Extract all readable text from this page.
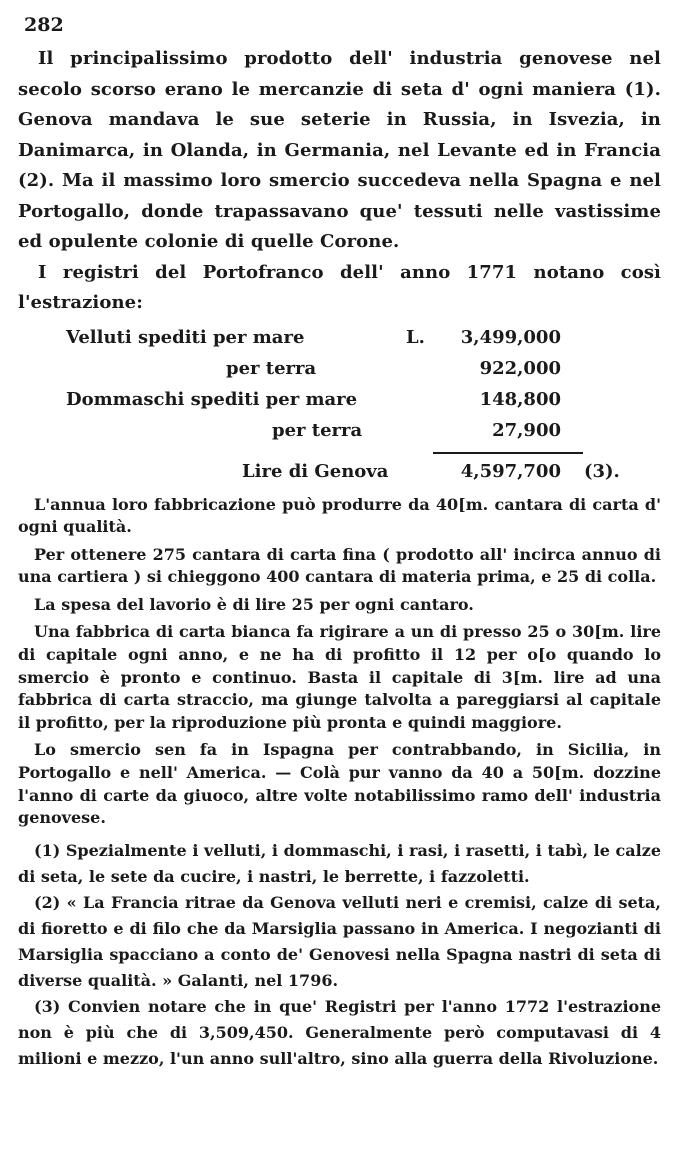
282

Il principalissimo prodotto dell' industria genovese nel secolo scorso erano le mercanzie di seta d' ogni maniera (1). Genova mandava le sue seterie in Russia, in Isvezia, in Danimarca, in Olanda, in Germania, nel Levante ed in Francia (2). Ma il massimo loro smercio succedeva nella Spagna e nel Portogallo, donde trapassavano que' tessuti nelle vastissime ed opulente colonie di quelle Corone.

I registri del Portofranco dell' anno 1771 notano così l'estrazione:

Velluti spediti per mare	L. 3,499,000
per terra	922,000
Dommaschi spediti per mare	148,800
per terra	27,900
Lire di Genova	4,597,700 (3).

L'annua loro fabbricazione può produrre da 40[m. cantara di carta d' ogni qualità.

Per ottenere 275 cantara di carta fina ( prodotto all' incirca annuo di una cartiera ) si chieggono 400 cantara di materia prima, e 25 di colla.

La spesa del lavorio è di lire 25 per ogni cantaro.

Una fabbrica di carta bianca fa rigirare a un di presso 25 o 30[m. lire di capitale ogni anno, e ne ha di profitto il 12 per o[o quando lo smercio è pronto e continuo. Basta il capitale di 3[m. lire ad una fabbrica di carta straccio, ma giunge talvolta a pareggiarsi al capitale il profitto, per la riproduzione più pronta e quindi maggiore.

Lo smercio sen fa in Ispagna per contrabbando, in Sicilia, in Portogallo e nell' America. — Colà pur vanno da 40 a 50[m. dozzine l'anno di carte da giuoco, altre volte notabilissimo ramo dell' industria genovese.

(1) Spezialmente i velluti, i dommaschi, i rasi, i rasetti, i tabì, le calze di seta, le sete da cucire, i nastri, le berrette, i fazzoletti.

(2) « La Francia ritrae da Genova velluti neri e cremisi, calze di seta, di fioretto e di filo che da Marsiglia passano in America. I negozianti di Marsiglia spacciano a conto de' Genovesi nella Spagna nastri di seta di diverse qualità. » Galanti, nel 1796.

(3) Convien notare che in que' Registri per l'anno 1772 l'estrazione non è più che di 3,509,450. Generalmente però computavasi di 4 milioni e mezzo, l'un anno sull'altro, sino alla guerra della Rivoluzione.
